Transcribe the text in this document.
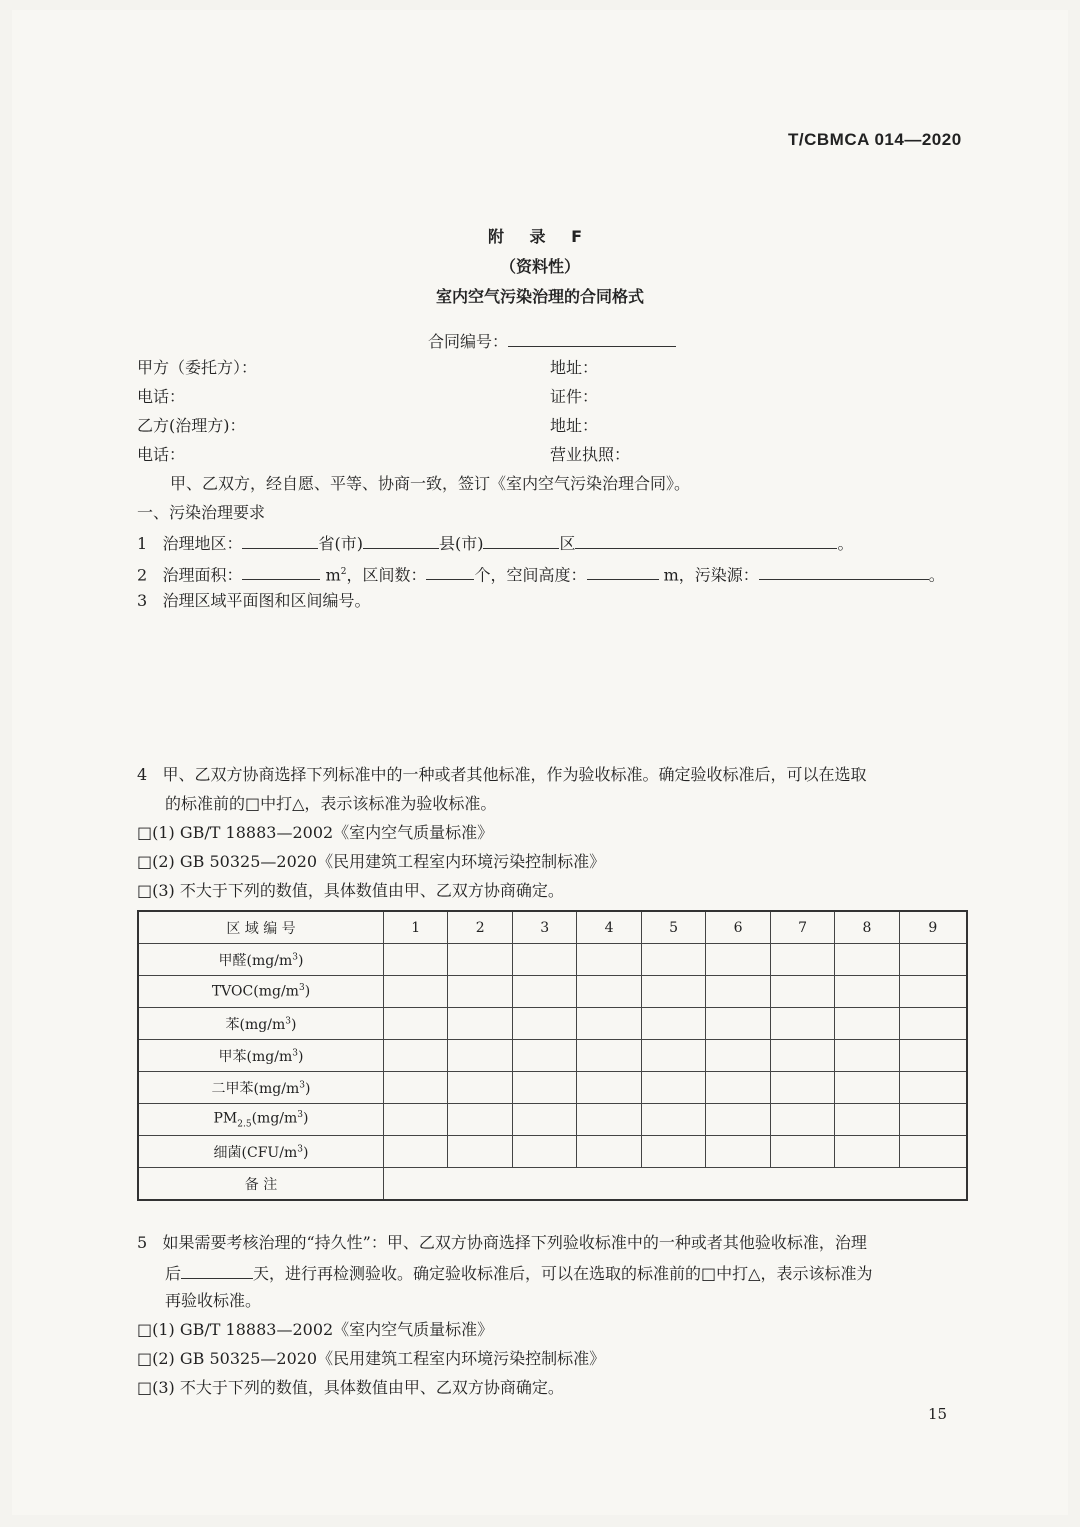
T/CBMCA 014—2020
附 录 F
（资料性）
室内空气污染治理的合同格式
合同编号：
甲方（委托方）：	地址：
电话：	证件：
乙方(治理方)：	地址：
电话：	营业执照：
甲、乙双方，经自愿、平等、协商一致，签订《室内空气污染治理合同》。
一、污染治理要求
1 治理地区：	省(市)	县(市)	区	。
2 治理面积：	$m^2$，区间数：	个，空间高度：	m，污染源：	。
3 治理区域平面图和区间编号。
4 甲、乙双方协商选择下列标准中的一种或者其他标准，作为验收标准。确定验收标准后，可以在选取
的标准前的□中打△，表示该标准为验收标准。
□(1) GB/T 18883—2002《室内空气质量标准》
□(2) GB 50325—2020《民用建筑工程室内环境污染控制标准》
□(3) 不大于下列的数值，具体数值由甲、乙双方协商确定。
区 域 编 号	1	2	3	4	5	6	7	8	9
甲醛$(mg/m^3)$									
$TVOC(mg/m^3)$									
苯$(mg/m^3)$									
甲苯$(mg/m^3)$									
二甲苯$(mg/m^3)$									
$PM_{2.5}(mg/m^3)$									
细菌$(CFU/m^3)$									
备 注									
5 如果需要考核治理的“持久性”：甲、乙双方协商选择下列验收标准中的一种或者其他验收标准，治理
后	天，进行再检测验收。确定验收标准后，可以在选取的标准前的□中打△，表示该标准为
再验收标准。
□(1) GB/T 18883—2002《室内空气质量标准》
□(2) GB 50325—2020《民用建筑工程室内环境污染控制标准》
□(3) 不大于下列的数值，具体数值由甲、乙双方协商确定。
15
